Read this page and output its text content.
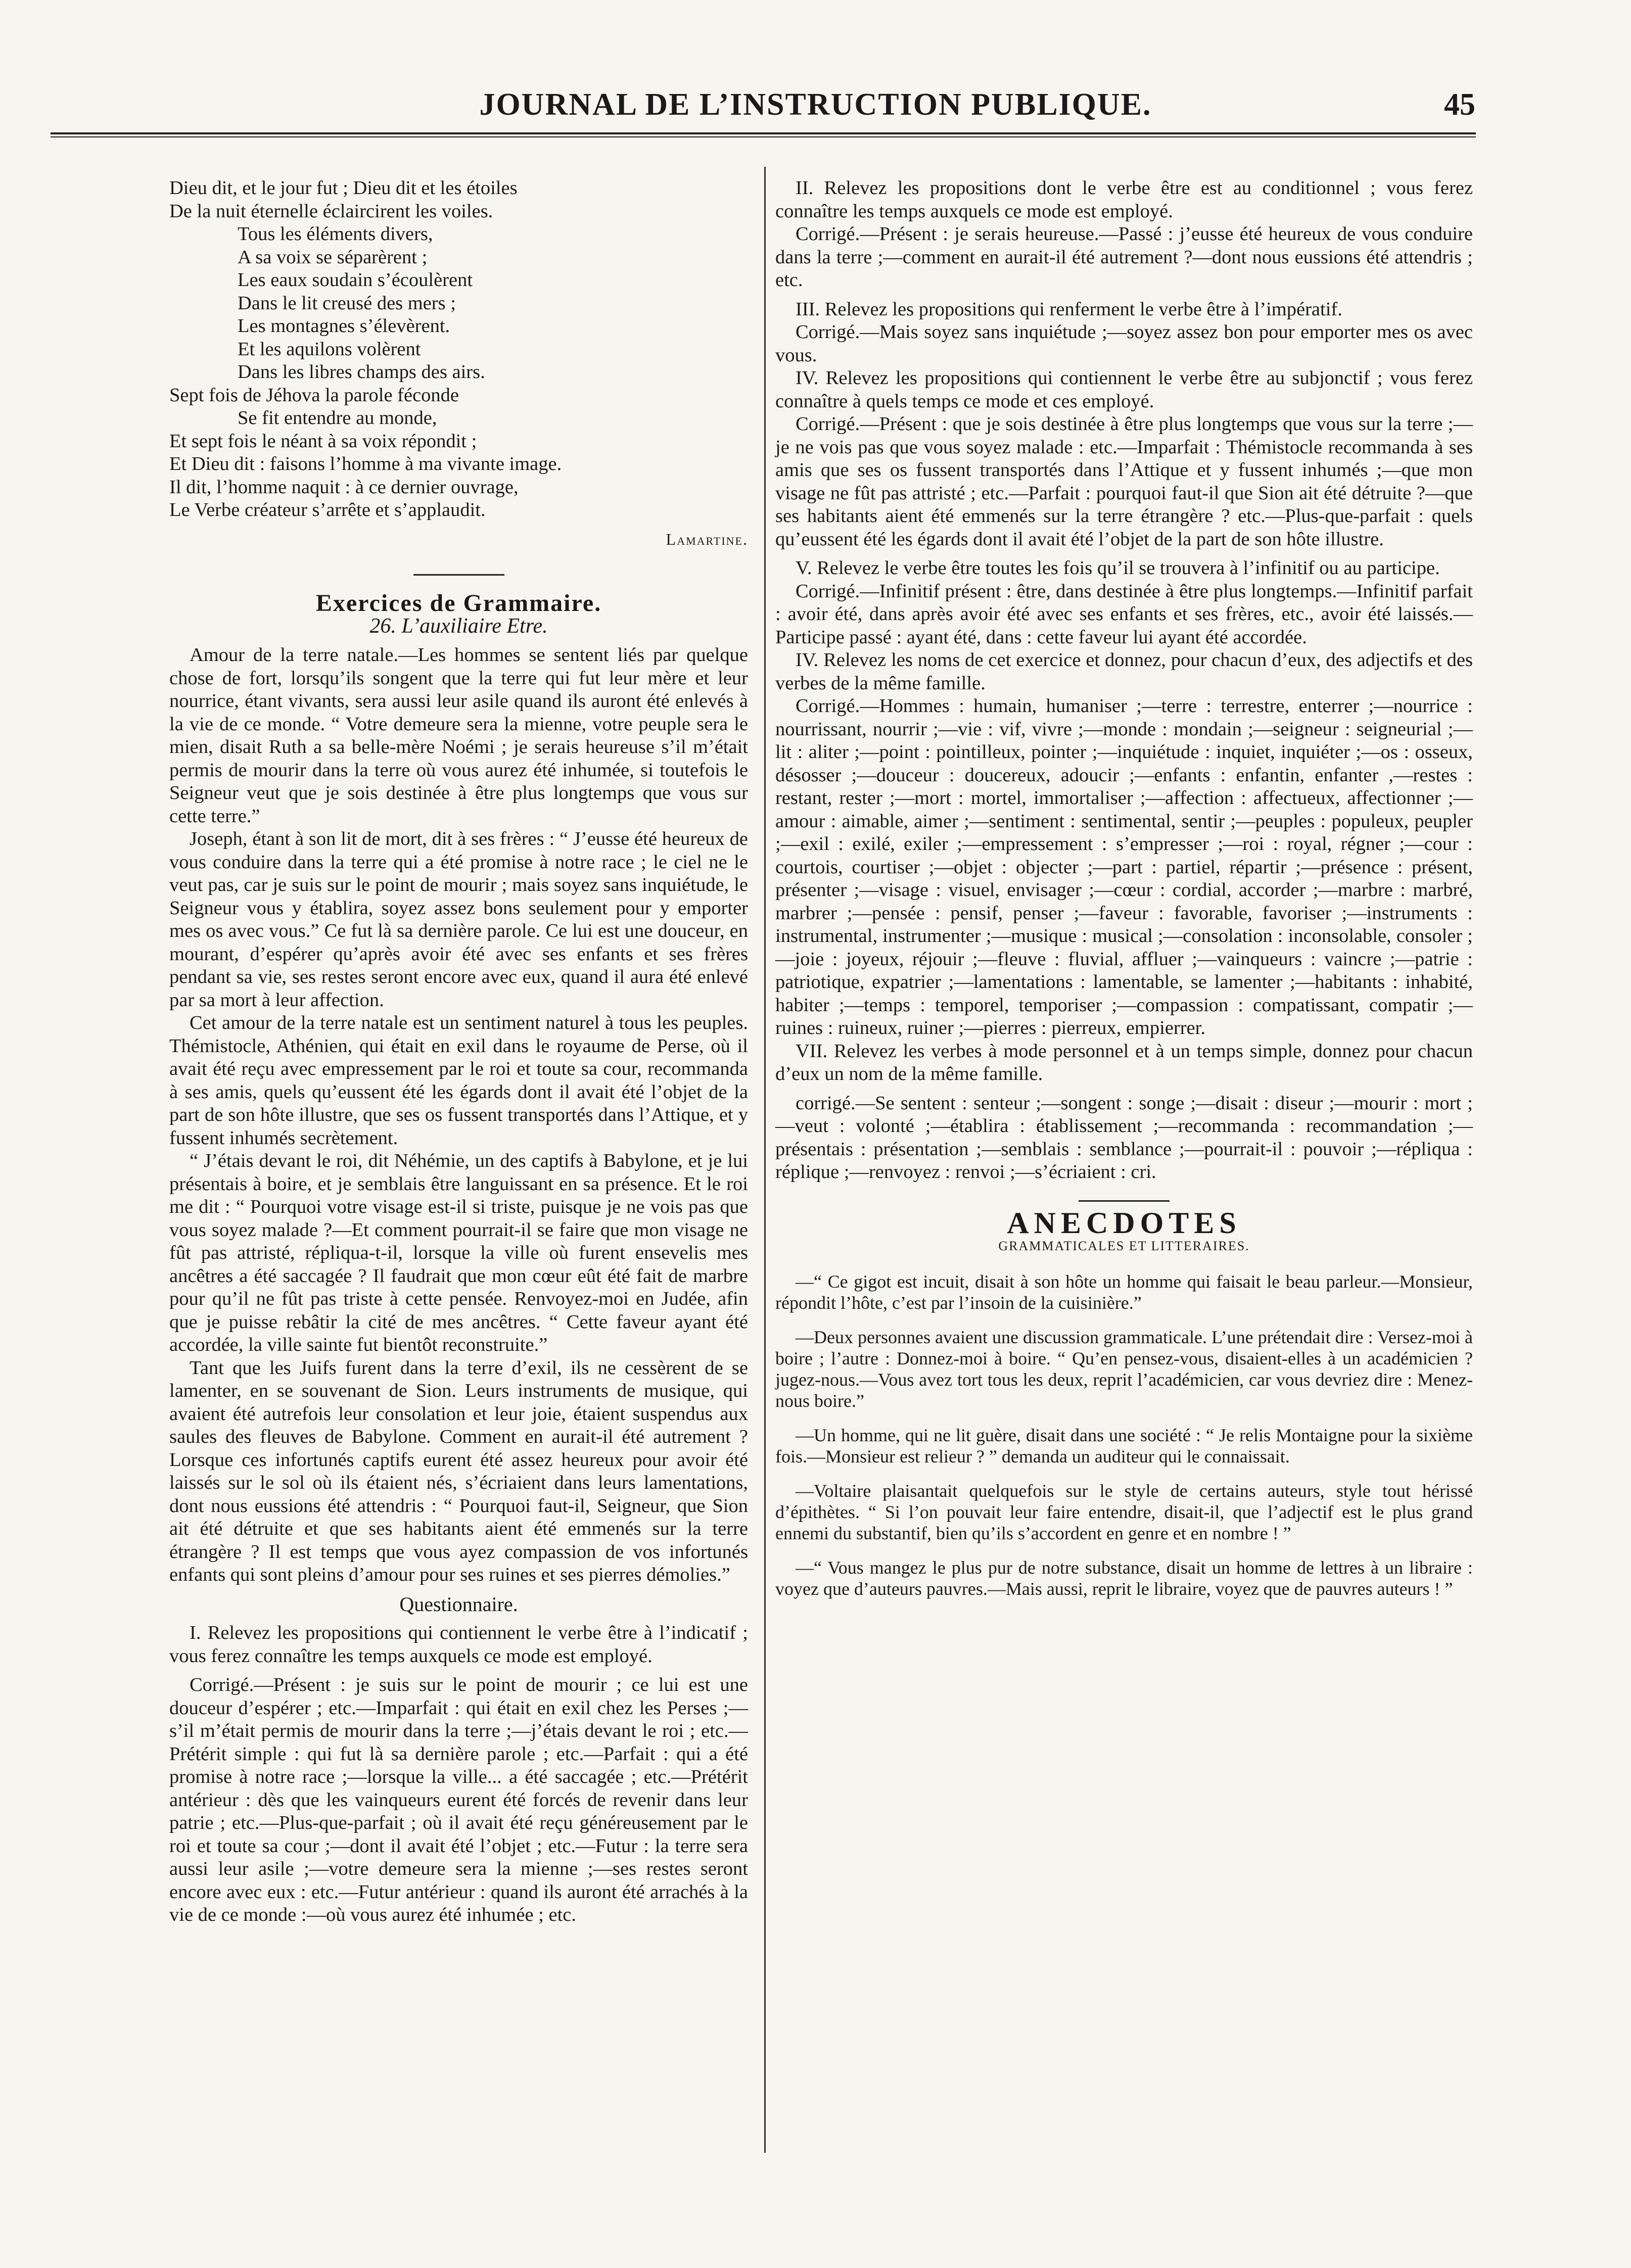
JOURNAL DE L’INSTRUCTION PUBLIQUE.	45

Dieu dit, et le jour fut ; Dieu dit et les étoiles

De la nuit éternelle éclaircirent les voiles.

Tous les éléments divers,

A sa voix se séparèrent ;

Les eaux soudain s’écoulèrent

Dans le lit creusé des mers ;

Les montagnes s’élevèrent.

Et les aquilons volèrent

Dans les libres champs des airs.

Sept fois de Jéhova la parole féconde

Se fit entendre au monde,

Et sept fois le néant à sa voix répondit ;

Et Dieu dit : faisons l’homme à ma vivante image.

Il dit, l’homme naquit : à ce dernier ouvrage,

Le Verbe créateur s’arrête et s’applaudit.

Lamartine.

Exercices de Grammaire.

26. L’auxiliaire Etre.

Amour de la terre natale.—Les hommes se sentent liés par quelque chose de fort, lorsqu’ils songent que la terre qui fut leur mère et leur nourrice, étant vivants, sera aussi leur asile quand ils auront été enlevés à la vie de ce monde. “ Votre demeure sera la mienne, votre peuple sera le mien, disait Ruth a sa belle-mère Noémi ; je serais heureuse s’il m’était permis de mourir dans la terre où vous aurez été inhumée, si toutefois le Seigneur veut que je sois destinée à être plus longtemps que vous sur cette terre.”

Joseph, étant à son lit de mort, dit à ses frères : “ J’eusse été heureux de vous conduire dans la terre qui a été promise à notre race ; le ciel ne le veut pas, car je suis sur le point de mourir ; mais soyez sans inquiétude, le Seigneur vous y établira, soyez assez bons seulement pour y emporter mes os avec vous.” Ce fut là sa dernière parole. Ce lui est une douceur, en mourant, d’espérer qu’après avoir été avec ses enfants et ses frères pendant sa vie, ses restes seront encore avec eux, quand il aura été enlevé par sa mort à leur affection.

Cet amour de la terre natale est un sentiment naturel à tous les peuples. Thémistocle, Athénien, qui était en exil dans le royaume de Perse, où il avait été reçu avec empressement par le roi et toute sa cour, recommanda à ses amis, quels qu’eussent été les égards dont il avait été l’objet de la part de son hôte illustre, que ses os fussent transportés dans l’Attique, et y fussent inhumés secrètement.

“ J’étais devant le roi, dit Néhémie, un des captifs à Babylone, et je lui présentais à boire, et je semblais être languissant en sa présence. Et le roi me dit : “ Pourquoi votre visage est-il si triste, puisque je ne vois pas que vous soyez malade ?—Et comment pourrait-il se faire que mon visage ne fût pas attristé, répliqua-t-il, lorsque la ville où furent ensevelis mes ancêtres a été saccagée ? Il faudrait que mon cœur eût été fait de marbre pour qu’il ne fût pas triste à cette pensée. Renvoyez-moi en Judée, afin que je puisse rebâtir la cité de mes ancêtres. “ Cette faveur ayant été accordée, la ville sainte fut bientôt reconstruite.”

Tant que les Juifs furent dans la terre d’exil, ils ne cessèrent de se lamenter, en se souvenant de Sion. Leurs instruments de musique, qui avaient été autrefois leur consolation et leur joie, étaient suspendus aux saules des fleuves de Babylone. Comment en aurait-il été autrement ? Lorsque ces infortunés captifs eurent été assez heureux pour avoir été laissés sur le sol où ils étaient nés, s’écriaient dans leurs lamentations, dont nous eussions été attendris : “ Pourquoi faut-il, Seigneur, que Sion ait été détruite et que ses habitants aient été emmenés sur la terre étrangère ? Il est temps que vous ayez compassion de vos infortunés enfants qui sont pleins d’amour pour ses ruines et ses pierres démolies.”

Questionnaire.

I. Relevez les propositions qui contiennent le verbe être à l’indicatif ; vous ferez connaître les temps auxquels ce mode est employé.

Corrigé.—Présent : je suis sur le point de mourir ; ce lui est une douceur d’espérer ; etc.—Imparfait : qui était en exil chez les Perses ;—s’il m’était permis de mourir dans la terre ;—j’étais devant le roi ; etc.—Prétérit simple : qui fut là sa dernière parole ; etc.—Parfait : qui a été promise à notre race ;—lorsque la ville... a été saccagée ; etc.—Prétérit antérieur : dès que les vainqueurs eurent été forcés de revenir dans leur patrie ; etc.—Plus-que-parfait ; où il avait été reçu généreusement par le roi et toute sa cour ;—dont il avait été l’objet ; etc.—Futur : la terre sera aussi leur asile ;—votre demeure sera la mienne ;—ses restes seront encore avec eux : etc.—Futur antérieur : quand ils auront été arrachés à la vie de ce monde :—où vous aurez été inhumée ; etc.

II. Relevez les propositions dont le verbe être est au conditionnel ; vous ferez connaître les temps auxquels ce mode est employé.

Corrigé.—Présent : je serais heureuse.—Passé : j’eusse été heureux de vous conduire dans la terre ;—comment en aurait-il été autrement ?—dont nous eussions été attendris ; etc.

III. Relevez les propositions qui renferment le verbe être à l’impératif.

Corrigé.—Mais soyez sans inquiétude ;—soyez assez bon pour emporter mes os avec vous.

IV. Relevez les propositions qui contiennent le verbe être au subjonctif ; vous ferez connaître à quels temps ce mode et ces employé.

Corrigé.—Présent : que je sois destinée à être plus longtemps que vous sur la terre ;—je ne vois pas que vous soyez malade : etc.—Imparfait : Thémistocle recommanda à ses amis que ses os fussent transportés dans l’Attique et y fussent inhumés ;—que mon visage ne fût pas attristé ; etc.—Parfait : pourquoi faut-il que Sion ait été détruite ?—que ses habitants aient été emmenés sur la terre étrangère ? etc.—Plus-que-parfait : quels qu’eussent été les égards dont il avait été l’objet de la part de son hôte illustre.

V. Relevez le verbe être toutes les fois qu’il se trouvera à l’infinitif ou au participe.

Corrigé.—Infinitif présent : être, dans destinée à être plus longtemps.—Infinitif parfait : avoir été, dans après avoir été avec ses enfants et ses frères, etc., avoir été laissés.—Participe passé : ayant été, dans : cette faveur lui ayant été accordée.

IV. Relevez les noms de cet exercice et donnez, pour chacun d’eux, des adjectifs et des verbes de la même famille.

Corrigé.—Hommes : humain, humaniser ;—terre : terrestre, enterrer ;—nourrice : nourrissant, nourrir ;—vie : vif, vivre ;—monde : mondain ;—seigneur : seigneurial ;—lit : aliter ;—point : pointilleux, pointer ;—inquiétude : inquiet, inquiéter ;—os : osseux, désosser ;—douceur : doucereux, adoucir ;—enfants : enfantin, enfanter ,—restes : restant, rester ;—mort : mortel, immortaliser ;—affection : affectueux, affectionner ;—amour : aimable, aimer ;—sentiment : sentimental, sentir ;—peuples : populeux, peupler ;—exil : exilé, exiler ;—empressement : s’empresser ;—roi : royal, régner ;—cour : courtois, courtiser ;—objet : objecter ;—part : partiel, répartir ;—présence : présent, présenter ;—visage : visuel, envisager ;—cœur : cordial, accorder ;—marbre : marbré, marbrer ;—pensée : pensif, penser ;—faveur : favorable, favoriser ;—instruments : instrumental, instrumenter ;—musique : musical ;—consolation : inconsolable, consoler ;—joie : joyeux, réjouir ;—fleuve : fluvial, affluer ;—vainqueurs : vaincre ;—patrie : patriotique, expatrier ;—lamentations : lamentable, se lamenter ;—habitants : inhabité, habiter ;—temps : temporel, temporiser ;—compassion : compatissant, compatir ;—ruines : ruineux, ruiner ;—pierres : pierreux, empierrer.

VII. Relevez les verbes à mode personnel et à un temps simple, donnez pour chacun d’eux un nom de la même famille.

corrigé.—Se sentent : senteur ;—songent : songe ;—disait : diseur ;—mourir : mort ;—veut : volonté ;—établira : établissement ;—recommanda : recommandation ;—présentais : présentation ;—semblais : semblance ;—pourrait-il : pouvoir ;—répliqua : réplique ;—renvoyez : renvoi ;—s’écriaient : cri.

ANECDOTES

GRAMMATICALES ET LITTERAIRES.

—“ Ce gigot est incuit, disait à son hôte un homme qui faisait le beau parleur.—Monsieur, répondit l’hôte, c’est par l’insoin de la cuisinière.”

—Deux personnes avaient une discussion grammaticale. L’une prétendait dire : Versez-moi à boire ; l’autre : Donnez-moi à boire. “ Qu’en pensez-vous, disaient-elles à un académicien ? jugez-nous.—Vous avez tort tous les deux, reprit l’académicien, car vous devriez dire : Menez-nous boire.”

—Un homme, qui ne lit guère, disait dans une société : “ Je relis Montaigne pour la sixième fois.—Monsieur est relieur ? ” demanda un auditeur qui le connaissait.

—Voltaire plaisantait quelquefois sur le style de certains auteurs, style tout hérissé d’épithètes. “ Si l’on pouvait leur faire entendre, disait-il, que l’adjectif est le plus grand ennemi du substantif, bien qu’ils s’accordent en genre et en nombre ! ”

—“ Vous mangez le plus pur de notre substance, disait un homme de lettres à un libraire : voyez que d’auteurs pauvres.—Mais aussi, reprit le libraire, voyez que de pauvres auteurs ! ”
